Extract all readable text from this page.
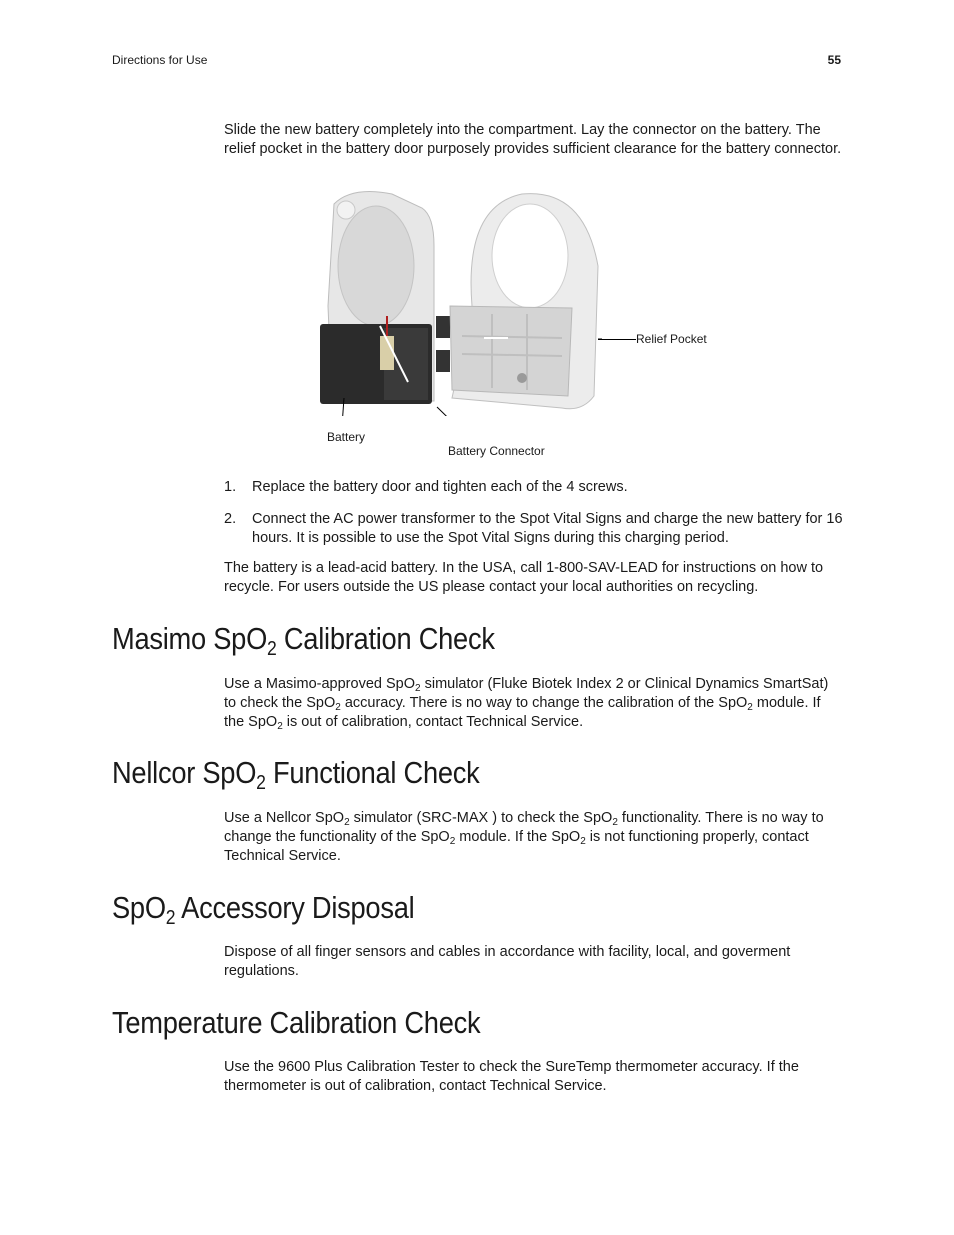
Directions for Use	55

Slide the new battery completely into the compartment. Lay the connector on the battery. The relief pocket in the battery door purposely provides sufficient clearance for the battery connector.

Relief Pocket
Battery
Battery Connector
1. Replace the battery door and tighten each of the 4 screws.
2. Connect the AC power transformer to the Spot Vital Signs and charge the new battery for 16 hours. It is possible to use the Spot Vital Signs during this charging period.

The battery is a lead-acid battery. In the USA, call 1-800-SAV-LEAD for instructions on how to recycle. For users outside the US please contact your local authorities on recycling.

Masimo SpO$_2$ Calibration Check

Use a Masimo-approved SpO$_2$ simulator (Fluke Biotek Index 2 or Clinical Dynamics SmartSat) to check the SpO$_2$ accuracy. There is no way to change the calibration of the SpO$_2$ module. If the SpO$_2$ is out of calibration, contact Technical Service.

Nellcor SpO$_2$ Functional Check

Use a Nellcor SpO$_2$ simulator (SRC-MAX ) to check the SpO$_2$ functionality. There is no way to change the functionality of the SpO$_2$ module. If the SpO$_2$ is not functioning properly, contact Technical Service.

SpO$_2$ Accessory Disposal

Dispose of all finger sensors and cables in accordance with facility, local, and goverment regulations.

Temperature Calibration Check

Use the 9600 Plus Calibration Tester to check the SureTemp thermometer accuracy. If the thermometer is out of calibration, contact Technical Service.
